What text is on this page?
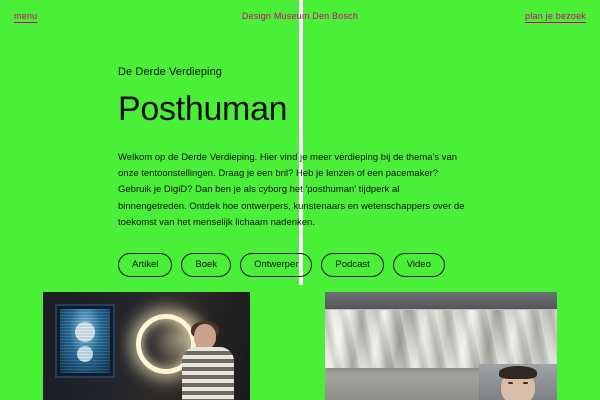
menu	Design Museum Den Bosch	plan je bezoek

De Derde Verdieping

Posthuman

Welkom op de Derde Verdieping. Hier vind je meer verdieping bij de thema's van onze tentoonstellingen. Draag je een bril? Heb je lenzen of een pacemaker? Gebruik je DigiD? Dan ben je als cyborg het 'posthuman' tijdperk al binnengetreden. Ontdek hoe ontwerpers, kunstenaars en wetenschappers over de toekomst van het menselijk lichaam nadenken.

Artikel	Boek	Ontwerper	Podcast	Video
